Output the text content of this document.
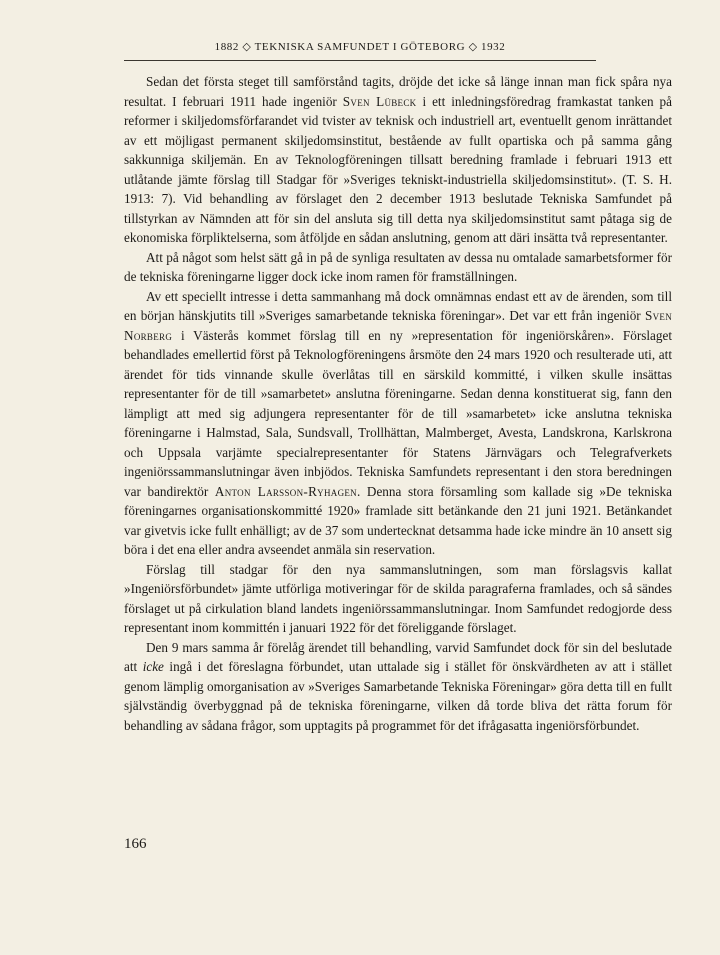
1882 ◇ TEKNISKA SAMFUNDET I GÖTEBORG ◇ 1932

Sedan det första steget till samförstånd tagits, dröjde det icke så länge innan man fick spåra nya resultat. I februari 1911 hade ingeniör Sven Lübeck i ett inledningsföredrag framkastat tanken på reformer i skiljedomsförfarandet vid tvister av teknisk och industriell art, eventuellt genom inrättandet av ett möjligast permanent skiljedomsinstitut, bestående av fullt opartiska och på samma gång sakkunniga skiljemän. En av Teknologföreningen tillsatt beredning framlade i februari 1913 ett utlåtande jämte förslag till Stadgar för »Sveriges tekniskt-industriella skiljedomsinstitut». (T. S. H. 1913: 7). Vid behandling av förslaget den 2 december 1913 beslutade Tekniska Samfundet på tillstyrkan av Nämnden att för sin del ansluta sig till detta nya skiljedomsinstitut samt påtaga sig de ekonomiska förpliktelserna, som åtföljde en sådan anslutning, genom att däri insätta två representanter.

Att på något som helst sätt gå in på de synliga resultaten av dessa nu omtalade samarbetsformer för de tekniska föreningarne ligger dock icke inom ramen för framställningen.

Av ett speciellt intresse i detta sammanhang må dock omnämnas endast ett av de ärenden, som till en början hänskjutits till »Sveriges samarbetande tekniska föreningar». Det var ett från ingeniör Sven Norberg i Västerås kommet förslag till en ny »representation för ingeniörskåren». Förslaget behandlades emellertid först på Teknologföreningens årsmöte den 24 mars 1920 och resulterade uti, att ärendet för tids vinnande skulle överlåtas till en särskild kommitté, i vilken skulle insättas representanter för de till »samarbetet» anslutna föreningarne. Sedan denna konstituerat sig, fann den lämpligt att med sig adjungera representanter för de till »samarbetet» icke anslutna tekniska föreningarne i Halmstad, Sala, Sundsvall, Trollhättan, Malmberget, Avesta, Landskrona, Karlskrona och Uppsala varjämte specialrepresentanter för Statens Järnvägars och Telegrafverkets ingeniörssammanslutningar även inbjödos. Tekniska Samfundets representant i den stora beredningen var bandirektör Anton Larsson-Ryhagen. Denna stora församling som kallade sig »De tekniska föreningarnes organisationskommitté 1920» framlade sitt betänkande den 21 juni 1921. Betänkandet var givetvis icke fullt enhälligt; av de 37 som undertecknat detsamma hade icke mindre än 10 ansett sig böra i det ena eller andra avseendet anmäla sin reservation.

Förslag till stadgar för den nya sammanslutningen, som man förslagsvis kallat »Ingeniörsförbundet» jämte utförliga motiveringar för de skilda paragraferna framlades, och så sändes förslaget ut på cirkulation bland landets ingeniörssammanslutningar. Inom Samfundet redogjorde dess representant inom kommittén i januari 1922 för det föreliggande förslaget.

Den 9 mars samma år förelåg ärendet till behandling, varvid Samfundet dock för sin del beslutade att icke ingå i det föreslagna förbundet, utan uttalade sig i stället för önskvärdheten av att i stället genom lämplig omorganisation av »Sveriges Samarbetande Tekniska Föreningar» göra detta till en fullt självständig överbyggnad på de tekniska föreningarne, vilken då torde bliva det rätta forum för behandling av sådana frågor, som upptagits på programmet för det ifrågasatta ingeniörsförbundet.

166
